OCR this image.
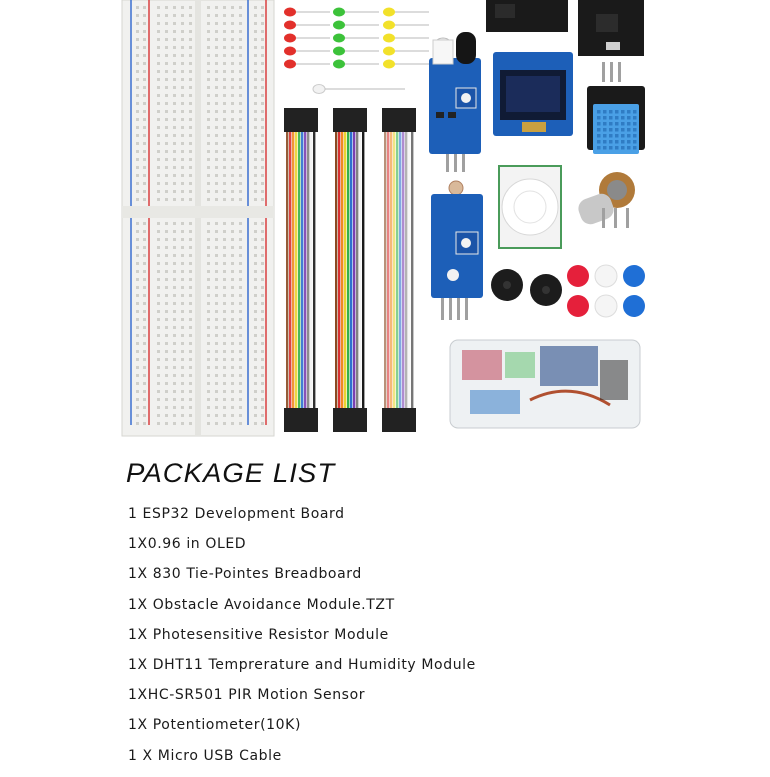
PACKAGE LIST
1 ESP32 Development Board
1X0.96 in OLED
1X 830 Tie-Pointes Breadboard
1X Obstacle Avoidance Module.TZT
1X Photesensitive Resistor Module
1X DHT11 Temprerature and Humidity Module
1XHC-SR501 PIR Motion Sensor
1X Potentiometer(10K)
1 X Micro USB Cable
